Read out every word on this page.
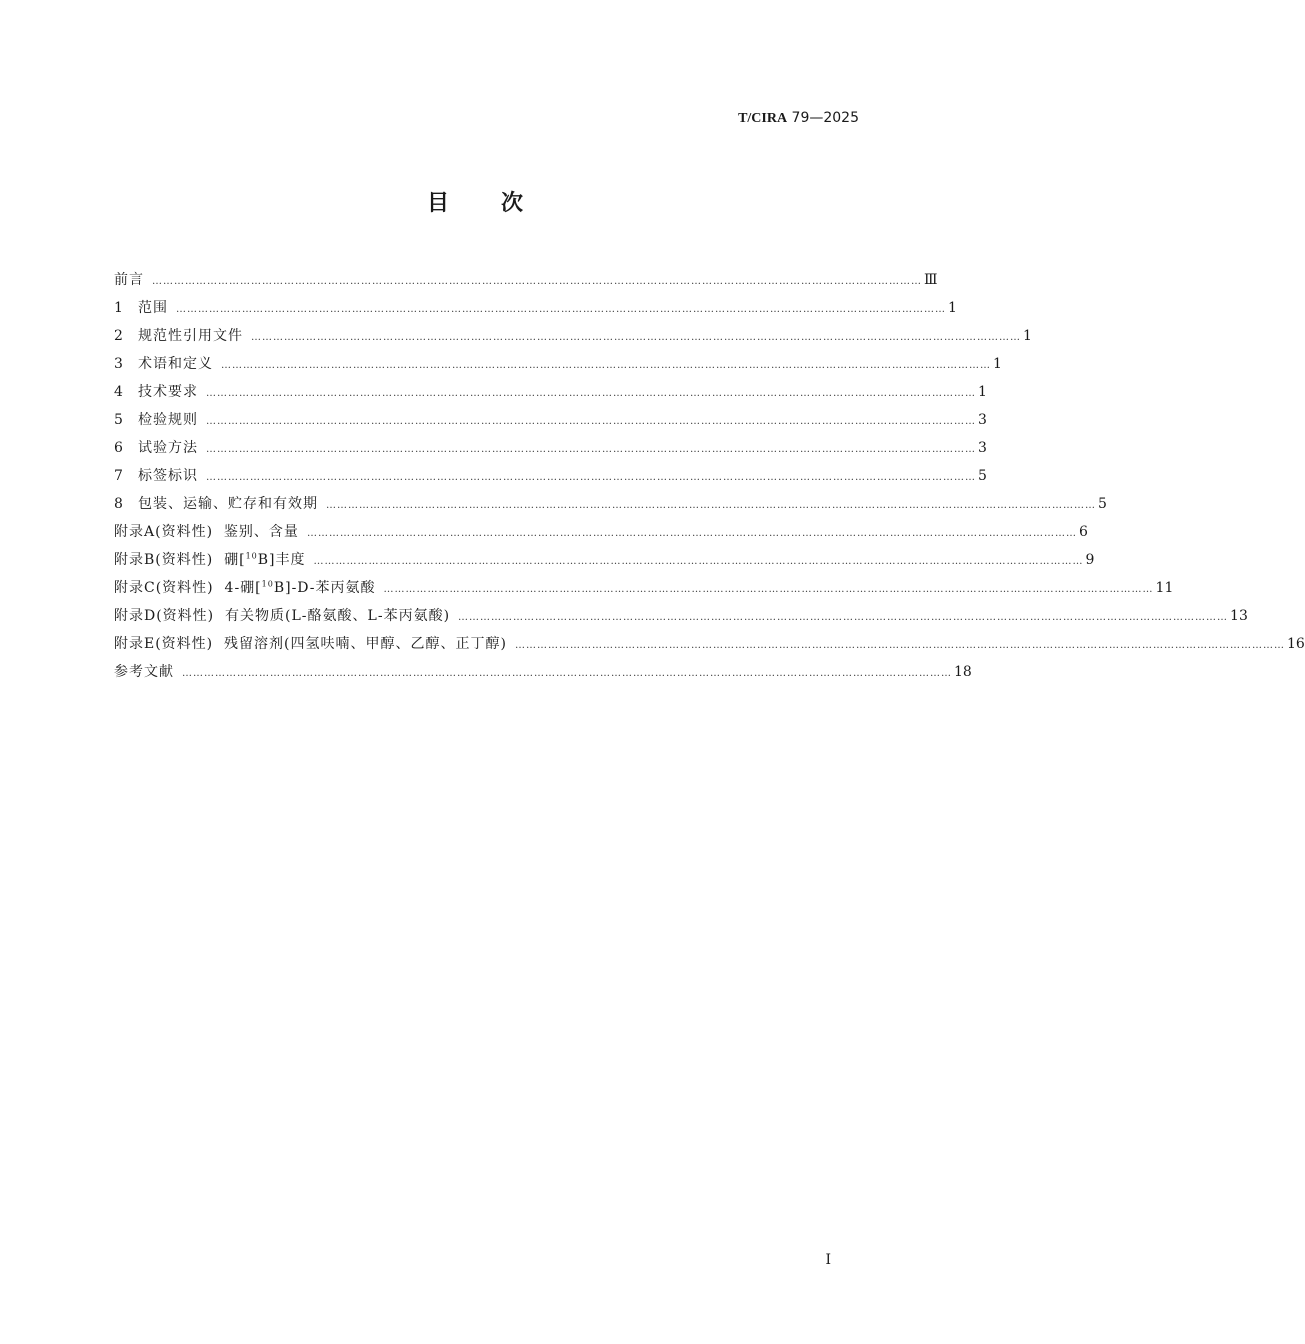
T/CIRA 79—2025
目 次
前言 ………………………………………………………………………………………………………………………………………………………………………………………… Ⅲ
1	范围 ………………………………………………………………………………………………………………………………………………………………………………………… 1
2	规范性引用文件 ………………………………………………………………………………………………………………………………………………………………………………………… 1
3	术语和定义 ………………………………………………………………………………………………………………………………………………………………………………………… 1
4	技术要求 ………………………………………………………………………………………………………………………………………………………………………………………… 1
5	检验规则 ………………………………………………………………………………………………………………………………………………………………………………………… 3
6	试验方法 ………………………………………………………………………………………………………………………………………………………………………………………… 3
7	标签标识 ………………………………………………………………………………………………………………………………………………………………………………………… 5
8	包装、运输、贮存和有效期 ………………………………………………………………………………………………………………………………………………………………………………………… 5
附录A(资料性)  鉴别、含量 ………………………………………………………………………………………………………………………………………………………………………………………… 6
附录B(资料性)  硼[$^{10}$B]丰度 ………………………………………………………………………………………………………………………………………………………………………………………… 9
附录C(资料性)  4-硼[$^{10}$B]-D-苯丙氨酸 ………………………………………………………………………………………………………………………………………………………………………………………… 11
附录D(资料性)  有关物质(L-酪氨酸、L-苯丙氨酸) ………………………………………………………………………………………………………………………………………………………………………………………… 13
附录E(资料性)  残留溶剂(四氢呋喃、甲醇、乙醇、正丁醇) ………………………………………………………………………………………………………………………………………………………………………………………… 16
参考文献 ………………………………………………………………………………………………………………………………………………………………………………………… 18
I
